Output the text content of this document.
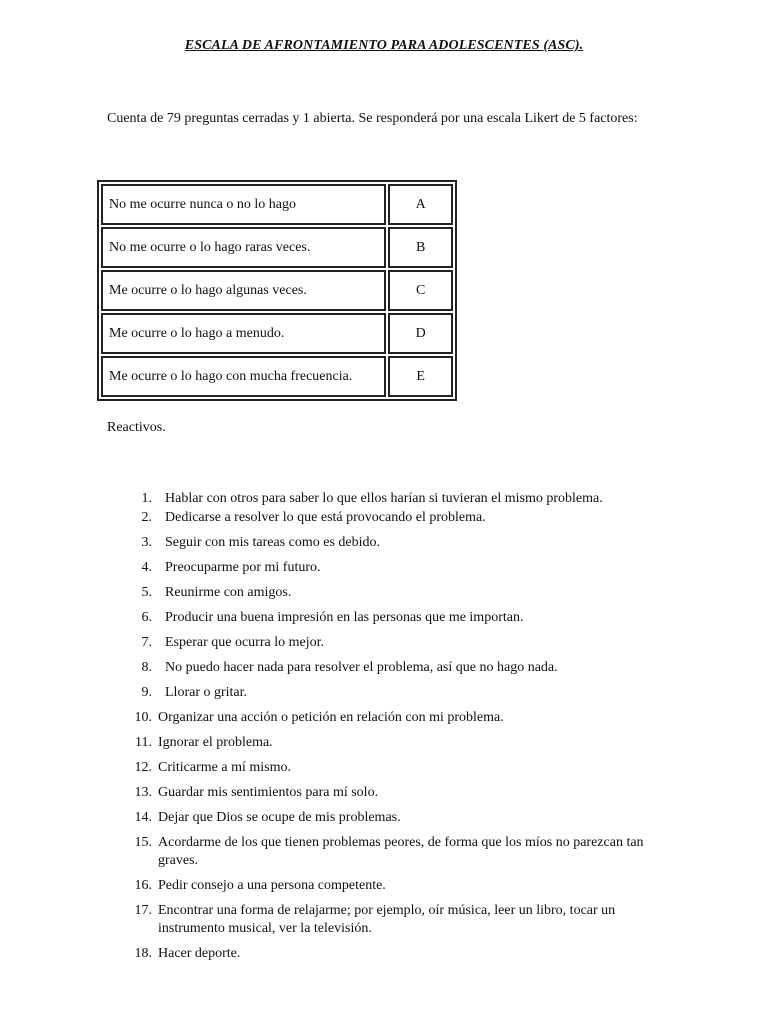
ESCALA DE AFRONTAMIENTO PARA ADOLESCENTES (ASC).
Cuenta de 79 preguntas cerradas y 1 abierta. Se responderá por una escala Likert de 5 factores:
No me ocurre nunca o no lo hago	A
No me ocurre o lo hago raras veces.	B
Me ocurre o lo hago algunas veces.	C
Me ocurre o lo hago a menudo.	D
Me ocurre o lo hago con mucha frecuencia.	E
Reactivos.
1. Hablar con otros para saber lo que ellos harían si tuvieran el mismo problema.
2. Dedicarse a resolver lo que está provocando el problema.
3. Seguir con mis tareas como es debido.
4. Preocuparme por mi futuro.
5. Reunirme con amigos.
6. Producir una buena impresión en las personas que me importan.
7. Esperar que ocurra lo mejor.
8. No puedo hacer nada para resolver el problema, así que no hago nada.
9. Llorar o gritar.
10. Organizar una acción o petición en relación con mi problema.
11. Ignorar el problema.
12. Criticarme a mí mismo.
13. Guardar mis sentimientos para mí solo.
14. Dejar que Dios se ocupe de mis problemas.
15. Acordarme de los que tienen problemas peores, de forma que los míos no parezcan tan graves.
16. Pedir consejo a una persona competente.
17. Encontrar una forma de relajarme; por ejemplo, oír música, leer un libro, tocar un instrumento musical, ver la televisión.
18. Hacer deporte.
